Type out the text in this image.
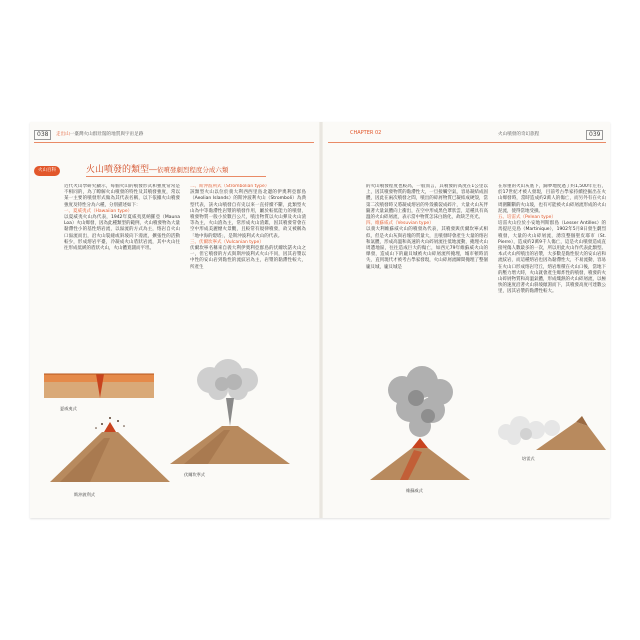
038	走出山一臺灣火山群壯闊的地質與宇宙足跡	CHAPTER 02	火山噴發的奇幻旅程	039
火山百科	火山噴發的類型──依噴發劇烈程度分成六類

近代火山學研究顯示，每個火山的噴發形式和強度常常是不相同的，為了瞭解火山噴發的特性及其噴發強度，常以某一主要的噴發形式做為其代表名稱，以下依據火山噴發強度及特性分為六種，分別描述如下：

一、夏威夷式（Hawaiian type）

以夏威夷火山為代表，1942年夏威夷莫納羅亞（Mauna Loa）火山爆發，因為此種類型的範例，火山噴發物為大量黏滯性小的基性熔岩流，以溢流的方式為主，熔岩自火山口溢流而出，沿火山裂縫或斜坡向下漫流，擴張性的活動較少，形成熔岩平臺，冷凝成火山盾狀岩流，其中火山往往形成低緩的盾狀火山，火山體寬闊而平坦。

二、斯沖波利式（Strombolian type）

該類型火山以位於義大利西西里島北邊的伊奧利亞群島（Aeolian Islands）的斯沖波利火山（Stromboli）為典型代表，該火山噴發自有史以來一直持續不斷，此類型火山為中等黏滯性岩漿的噴發作用，屬於較低能力的噴發，噴發物質一般小於數百公尺，噴出物質以火山彈及火山渣等為主，火山渣為主，常形成火山渣錐，因其噴發常會在空中形成美麗煙火景觀，且較常有規律噴發，故又被稱為「地中海的燈塔」，是斯沖波利式火山的代表。

三、伏爾坎寧式（Vulcanian type）

伏爾坎寧名稱來自義大利伊奧利亞群島的伏爾坎諾火山之一，但它噴發的方式與斯沖波利式火山不同，因其岩漿以中性的安山岩到黏性的流紋岩為主，岩漿的黏滯性較大，所產生

的火山噴發程度也較高，一般而言，其噴發的高度在1公里以上，因其噴發物質的黏滯性大，一旦接觸空氣，容易凝結成固體，因此在兩次噴發之間，噴出的碎屑物質已凝結成硬殼，當第二次噴發時又將凝成熔岩的外殼衝裂成碎片，大量火山灰伴隨著大量氣體向上衝出，在空中形成黑色蕈狀雲，這種具有高溫的火山碎屑流，表示當中物質怎沫白熱化，故缺乏亮光。

四、維蘇威式（Vesuvian type）

以義大利維蘇威火山的噴發為代表，其噴發與伏爾坎寧式相似，但是火山灰與岩塊的質量大，且噴發時會產生大量的熔岩和氣體，形成高溫和高速的火山碎屑流往低地流動，掩埋火山周遭地區，往往造成巨大的傷亡，如西元79年維蘇威火山的爆發，造成山下的龐貝城被火山碎屑流所掩埋，城市頓時消失，直到現代才被考古學家發現，火山碎屑流瞬間掩埋了整個龐貝城，龐貝城是

在厚重的火山灰底下，歸夢地度過了約1,500年左右，於17世紀才被人發現，目前考古學家持續挖掘出在火山爆發時，當時造成約2萬人的傷亡，而另外有在火山周圍斷斷的火山玻，也有可能被火山碎屑流形成的火山泥流，使得當地受損。

五、培雷式（Pelean type）

培雷火山位於小安地列斯群島（Lesser Antilles）的馬提尼克島（Martinique），1902年5月8日發生劇烈噴發，大量的火山碎屑流，湧沒整個聖皮耶市（St. Pierre），造成約2萬9千人傷亡，這是火山噴發造成直接死傷人數最多的一次，所以用此火山作代表此類型。本式火山所噴出的岩漿，大多數是黏性很大的安山岩和流紋岩，而這種熔岩也因為黏滯性大，不易流動，容易在火山口形成熔岩穹丘，熔岩堆積在火山口後，當地下的壓力增大時，火山就會產生爆炸性的噴發，噴發的火山碎屑物質和高溫氣體，形成熾熱的火山碎屑流，以極快的速度沿著火山斜坡傾瀉而下，其噴發高度可達數公里，因其岩漿的黏滯性較大。

夏威夷式
斯沖波利式
伏爾坎寧式
維蘇威式
培雷式
